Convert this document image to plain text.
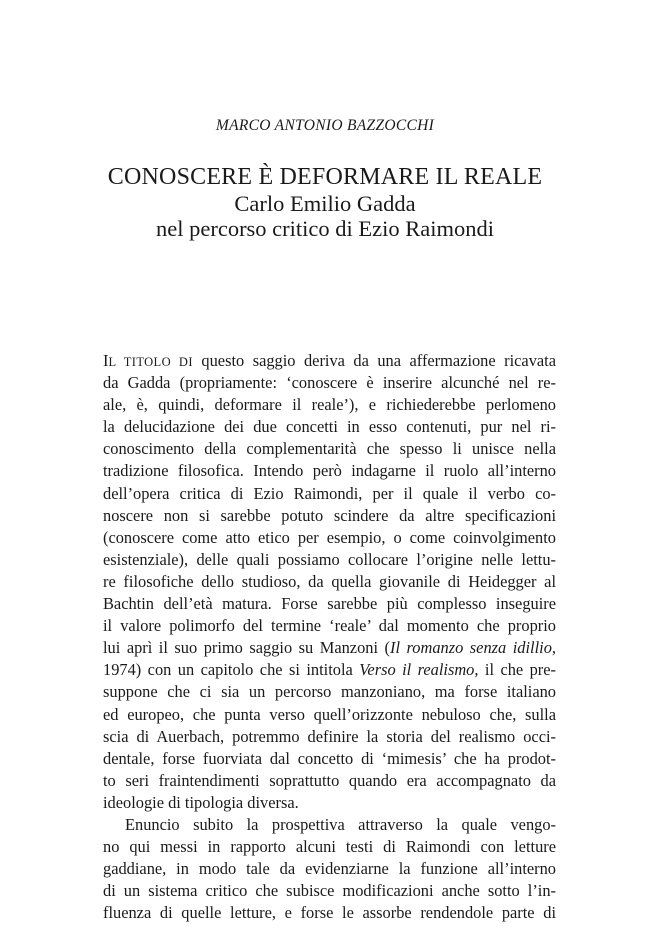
MARCO ANTONIO BAZZOCCHI
CONOSCERE È DEFORMARE IL REALE
Carlo Emilio Gadda
nel percorso critico di Ezio Raimondi
IL TITOLO DI questo saggio deriva da una affermazione ricavata
da Gadda (propriamente: ‘conoscere è inserire alcunché nel re-
ale, è, quindi, deformare il reale’), e richiederebbe perlomeno
la delucidazione dei due concetti in esso contenuti, pur nel ri-
conoscimento della complementarità che spesso li unisce nella
tradizione filosofica. Intendo però indagarne il ruolo all’interno
dell’opera critica di Ezio Raimondi, per il quale il verbo co-
noscere non si sarebbe potuto scindere da altre specificazioni
(conoscere come atto etico per esempio, o come coinvolgimento
esistenziale), delle quali possiamo collocare l’origine nelle lettu-
re filosofiche dello studioso, da quella giovanile di Heidegger al
Bachtin dell’età matura. Forse sarebbe più complesso inseguire
il valore polimorfo del termine ‘reale’ dal momento che proprio
lui aprì il suo primo saggio su Manzoni (Il romanzo senza idillio,
1974) con un capitolo che si intitola Verso il realismo, il che pre-
suppone che ci sia un percorso manzoniano, ma forse italiano
ed europeo, che punta verso quell’orizzonte nebuloso che, sulla
scia di Auerbach, potremmo definire la storia del realismo occi-
dentale, forse fuorviata dal concetto di ‘mimesis’ che ha prodot-
to seri fraintendimenti soprattutto quando era accompagnato da
ideologie di tipologia diversa.
Enuncio subito la prospettiva attraverso la quale vengo-
no qui messi in rapporto alcuni testi di Raimondi con letture
gaddiane, in modo tale da evidenziarne la funzione all’interno
di un sistema critico che subisce modificazioni anche sotto l’in-
fluenza di quelle letture, e forse le assorbe rendendole parte di
